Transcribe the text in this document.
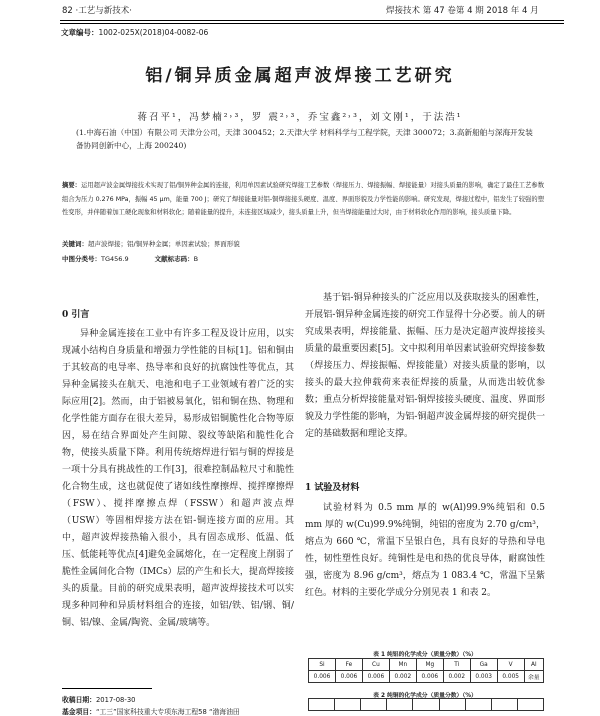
82 ·工艺与新技术·	焊接技术 第 47 卷第 4 期 2018 年 4 月
文章编号：1002-025X(2018)04-0082-06
铝/铜异质金属超声波焊接工艺研究
蒋召平¹，冯梦楠²˒³，罗 震²˒³，乔宝鑫²˒³，刘文刚¹，于法浩¹
(1.中海石油（中国）有限公司 天津分公司，天津 300452；2.天津大学 材料科学与工程学院，天津 300072；3.高新船舶与深海开发装备协同创新中心，上海 200240)
摘要：运用超声波金属焊接技术实现了铝/铜异种金属的连接，利用单因素试验研究焊接工艺参数（焊接压力、焊接振幅、焊接能量）对接头质量的影响，确定了最佳工艺参数组合为压力 0.276 MPa，振幅 45 μm，能量 700 J；研究了焊接能量对铝-铜焊接接头硬度、温度、界面形貌及力学性能的影响。研究发现，焊接过程中，铝发生了较强的塑性变形，并伴随着加工硬化现象和材料软化；随着能量的提升，未连接区域减少，接头质量上升，但当焊接能量过大时，由于材料软化作用的影响，接头质量下降。
关键词：超声波焊接；铝/铜异种金属；单因素试验；界面形貌
中图分类号：TG456.9	文献标志码：B
0 引言

异种金属连接在工业中有许多工程及设计应用，以实现减小结构自身质量和增强力学性能的目标[1]。铝和铜由于其较高的电导率、热导率和良好的抗腐蚀性等优点，其异种金属接头在航天、电池和电子工业领域有着广泛的实际应用[2]。然而，由于铝被易氧化，铝和铜在热、物理和化学性能方面存在很大差异，易形成铝铜脆性化合物等原因，易在结合界面处产生间隙、裂纹等缺陷和脆性化合物，使接头质量下降。利用传统熔焊进行铝与铜的焊接是一项十分具有挑战性的工作[3]，很难控制晶粒尺寸和脆性化合物生成，这也就促使了诸如线性摩擦焊、搅拌摩擦焊（FSW）、搅拌摩擦点焊（FSSW）和超声波点焊（USW）等固相焊接方法在铝-铜连接方面的应用。其中，超声波焊接热输入很小，具有固态成形、低温、低压、低能耗等优点[4]避免金属熔化，在一定程度上削弱了脆性金属间化合物（IMCs）层的产生和长大，提高焊接接头的质量。目前的研究成果表明，超声波焊接技术可以实现多种同种和异质材料组合的连接，如铝/铁、铝/钢、铜/铜、铝/镍、金属/陶瓷、金属/玻璃等。

基于铝-铜异种接头的广泛应用以及获取接头的困难性，开展铝-铜异种金属连接的研究工作显得十分必要。前人的研究成果表明，焊接能量、振幅、压力是决定超声波焊接接头质量的最重要因素[5]。文中拟利用单因素试验研究焊接参数（焊接压力、焊接振幅、焊接能量）对接头质量的影响，以接头的最大拉伸载荷来表征焊接的质量，从而选出较优参数；重点分析焊接能量对铝-铜焊接接头硬度、温度、界面形貌及力学性能的影响，为铝-铜超声波金属焊接的研究提供一定的基础数据和理论支撑。

1 试验及材料

试验材料为 0.5 mm 厚的 w(Al)99.9%纯铝和 0.5 mm 厚的 w(Cu)99.9%纯铜，纯铝的密度为 2.70 g/cm³，熔点为 660 ℃，常温下呈银白色，具有良好的导热和导电性，韧性塑性良好。纯铜性是电和热的优良导体，耐腐蚀性强，密度为 8.96 g/cm³，熔点为 1 083.4 ℃，常温下呈紫红色。材料的主要化学成分分别见表 1 和表 2。

表 1 纯铝的化学成分（质量分数）（%）
Si	Fe	Cu	Mn	Mg	Ti	Ga	V	Al
0.006	0.006	0.006	0.002	0.006	0.002	0.003	0.005	余量
表 2 纯铜的化学成分（质量分数）（%）

收稿日期：2017-08-30
基金项目：“工三”国家科技重大专项东海工程58 “渤海油田
